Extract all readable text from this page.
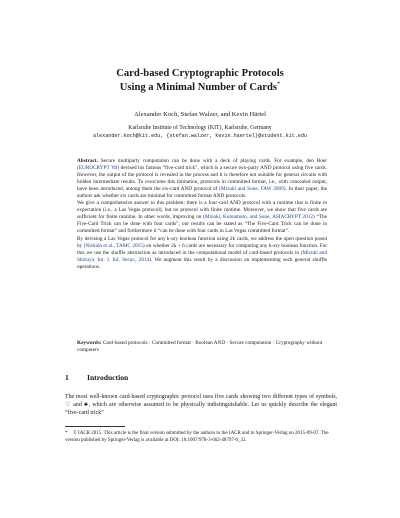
Card-based Cryptographic Protocols
Using a Minimal Number of Cards*
Alexander Koch, Stefan Walzer, and Kevin Härtel
Karlsruhe Institute of Technology (KIT), Karlsruhe, Germany
alexander.koch@kit.edu, {stefan.walzer, kevin.haertel}@student.kit.edu

Abstract. Secure multiparty computation can be done with a deck of playing cards. For example, den Boer (EUROCRYPT '89) devised his famous “five-card trick”, which is a secure two-party AND protocol using five cards. However, the output of the protocol is revealed in the process and it is therefore not suitable for general circuits with hidden intermediate results. To overcome this limitation, protocols in committed format, i.e., with concealed output, have been introduced, among them the six-card AND protocol of (Mizuki and Sone, FAW 2009). In their paper, the authors ask whether six cards are minimal for committed format AND protocols.

We give a comprehensive answer to this problem: there is a four-card AND protocol with a runtime that is finite in expectation (i.e., a Las Vegas protocol), but no protocol with finite runtime. Moreover, we show that five cards are sufficient for finite runtime. In other words, improving on (Mizuki, Kumamoto, and Sone, ASIACRYPT 2012) “The Five-Card Trick can be done with four cards”, our results can be stated as “The Five-Card Trick can be done in committed format” and furthermore it “can be done with four cards in Las Vegas committed format”.

By devising a Las Vegas protocol for any k-ary boolean function using 2k cards, we address the open question posed by (Nishida et al., TAMC 2015) on whether 2k + 6 cards are necessary for computing any k-ary boolean function. For this we use the shuffle abstraction as introduced in the computational model of card-based protocols in (Mizuki and Shizuya, Int. J. Inf. Secur., 2014). We augment this result by a discussion on implementing such general shuffle operations.

Keywords: Card-based protocols · Committed format · Boolean AND · Secure computation · Cryptography without computers
1 Introduction

The most well-known card-based cryptographic protocol uses five cards showing two different types of symbols, ♡ and ♣, which are otherwise assumed to be physically indistinguishable. Let us quickly describe the elegant “five-card trick”

* © IACR 2015. This article is the final version submitted by the authors to the IACR and to Springer-Verlag on 2015-09-07. The version published by Springer-Verlag is available at DOI: 10.1007/978-3-662-48797-6_32.
